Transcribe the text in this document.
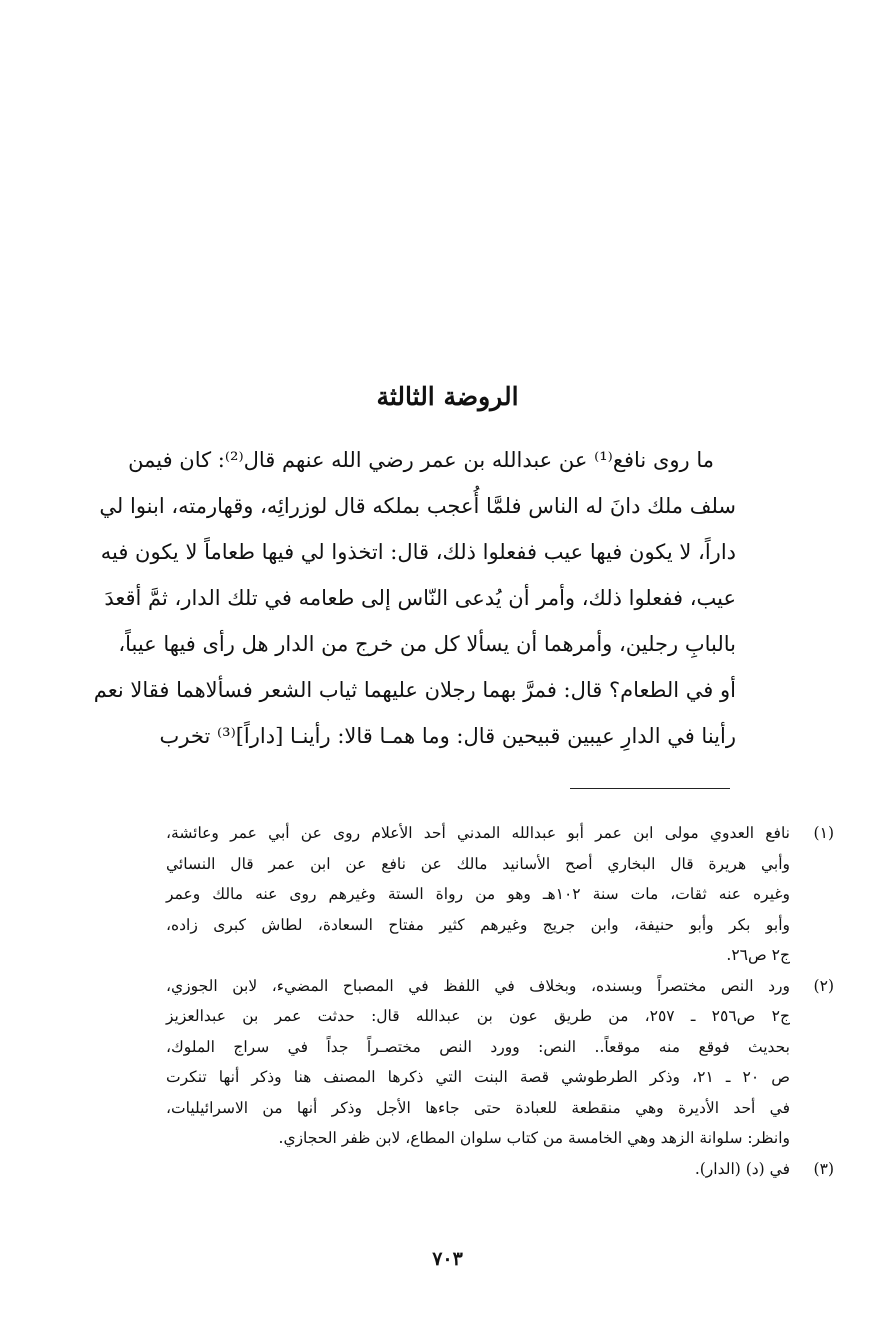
الروضة الثالثة
ما روى نافع⁽¹⁾ عن عبدالله بن عمر رضي الله عنهم قال⁽²⁾: كان فيمن
سلف ملك دانَ له الناس فلمَّا أُعجب بملكه قال لوزرائِه، وقهارمته، ابنوا لي
داراً، لا يكون فيها عيب ففعلوا ذلك، قال: اتخذوا لي فيها طعاماً لا يكون فيه
عيب، ففعلوا ذلك، وأمر أن يُدعى النّاس إلى طعامه في تلك الدار، ثمَّ أقعدَ
بالبابِ رجلين، وأمرهما أن يسألا كل من خرج من الدار هل رأى فيها عيباً،
أو في الطعام؟ قال: فمرَّ بهما رجلان عليهما ثياب الشعر فسألاهما فقالا نعم
رأينا في الدارِ عيبين قبيحين قال: وما همـا قالا: رأينـا [داراً]⁽³⁾ تخرب
(١)
نافع العدوي مولى ابن عمر أبو عبدالله المدني أحد الأعلام روى عن أبي عمر وعائشة،
وأبي هريرة قال البخاري أصح الأسانيد مالك عن نافع عن ابن عمر قال النسائي
وغيره عنه ثقات، مات سنة ١٠٢هـ وهو من رواة الستة وغيرهم روى عنه مالك وعمر
وأبو بكر وأبو حنيفة، وابن جريج وغيرهم كثير مفتاح السعادة، لطاش كبرى زاده،
ج٢ ص٢٦.
(٢)
ورد النص مختصراً وبسنده، وبخلاف في اللفظ في المصباح المضيء، لابن الجوزي،
ج٢ ص٢٥٦ ـ ٢٥٧، من طريق عون بن عبدالله قال: حدثت عمر بن عبدالعزيز
بحديث فوقع منه موقعاً.. النص: وورد النص مختصـراً جداً في سراج الملوك،
ص ٢٠ ـ ٢١، وذكر الطرطوشي قصة البنت التي ذكرها المصنف هنا وذكر أنها تنكرت
في أحد الأديرة وهي منقطعة للعبادة حتى جاءها الأجل وذكر أنها من الاسرائيليات،
وانظر: سلوانة الزهد وهي الخامسة من كتاب سلوان المطاع، لابن ظفر الحجازي.
(٣)
في (د) (الدار).
٧٠٣
